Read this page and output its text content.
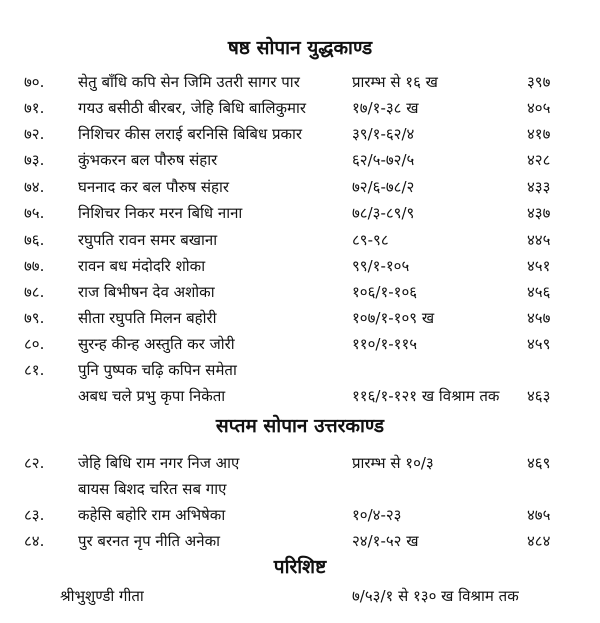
षष्ठ सोपान युद्धकाण्ड
७०.	सेतु बाँधि कपि सेन जिमि उतरी सागर पार	प्रारम्भ से १६ ख	३९७
७१.	गयउ बसीठी बीरबर, जेहि बिधि बालिकुमार	१७/१-३८ ख	४०५
७२.	निशिचर कीस लराई बरनिसि बिबिध प्रकार	३९/१-६२/४	४१७
७३.	कुंभकरन बल पौरुष संहार	६२/५-७२/५	४२८
७४.	घननाद कर बल पौरुष संहार	७२/६-७८/२	४३३
७५.	निशिचर निकर मरन बिधि नाना	७८/३-८९/९	४३७
७६.	रघुपति रावन समर बखाना	८९-९८	४४५
७७.	रावन बध मंदोदरि शोका	९९/१-१०५	४५१
७८.	राज बिभीषन देव अशोका	१०६/१-१०६	४५६
७९.	सीता रघुपति मिलन बहोरी	१०७/१-१०९ ख	४५७
८०.	सुरन्ह कीन्ह अस्तुति कर जोरी	११०/१-११५	४५९
८१.	पुनि पुष्पक चढ़ि कपिन समेता
अबध चले प्रभु कृपा निकेता	११६/१-१२१ ख विश्राम तक ४६३
सप्तम सोपान उत्तरकाण्ड
८२.	जेहि बिधि राम नगर निज आए	प्रारम्भ से १०/३	४६९
बायस बिशद चरित सब गाए
८३.	कहेसि बहोरि राम अभिषेका	१०/४-२३	४७५
८४.	पुर बरनत नृप नीति अनेका	२४/१-५२ ख	४८४
परिशिष्ट
श्रीभुशुण्डी गीता	७/५३/१ से १३० ख विश्राम तक
